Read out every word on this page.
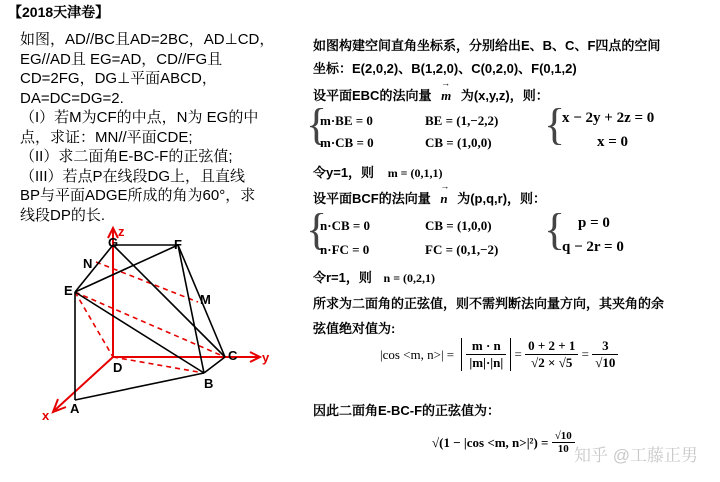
【2018天津卷】

如图，AD//BC且AD=2BC，AD⊥CD，

EG//AD且 EG=AD，CD//FG且

CD=2FG，DG⊥平面ABCD，

DA=DC=DG=2.

（I）若M为CF的中点，N为 EG的中

点，求证：MN//平面CDE;

（II）求二面角E-BC-F的正弦值;

（III）若点P在线段DG上，且直线

BP与平面ADGE所成的角为60°，求

线段DP的长.

G	F
N
E
M
C
D
B
A
z
y
x
如图构建空间直角坐标系，分别给出E、B、C、F四点的空间
坐标：E(2,0,2)、B(1,2,0)、C(0,2,0)、F(0,1,2)
设平面EBC的法向量 → m 为(x,y,z)，则：
{
m·BE = 0
m·CB = 0
BE = (1,−2,2)
CB = (1,0,0) {
x − 2y + 2z = 0
x = 0
令y=1，则 m = (0,1,1)
设平面BCF的法向量 → n 为(p,q,r)，则：
{
n·CB = 0
n·FC = 0
CB = (1,0,0)
FC = (0,1,−2) { p = 0
q − 2r = 0
令r=1，则 n = (0,2,1)
所求为二面角的正弦值，则不需判断法向量方向，其夹角的余
弦值绝对值为:
|cos <m, $n>| = \frac{m \cdot n}{|m|\cdot|n|} = \frac{0 + 2 + 1}{√2 \times √5} = \frac{3}{√10}$
因此二面角E-BC-F的正弦值为：
√(1 − |cos <m, $n>|^2) = \frac{√10}{10}$
知乎 @工藤正男
